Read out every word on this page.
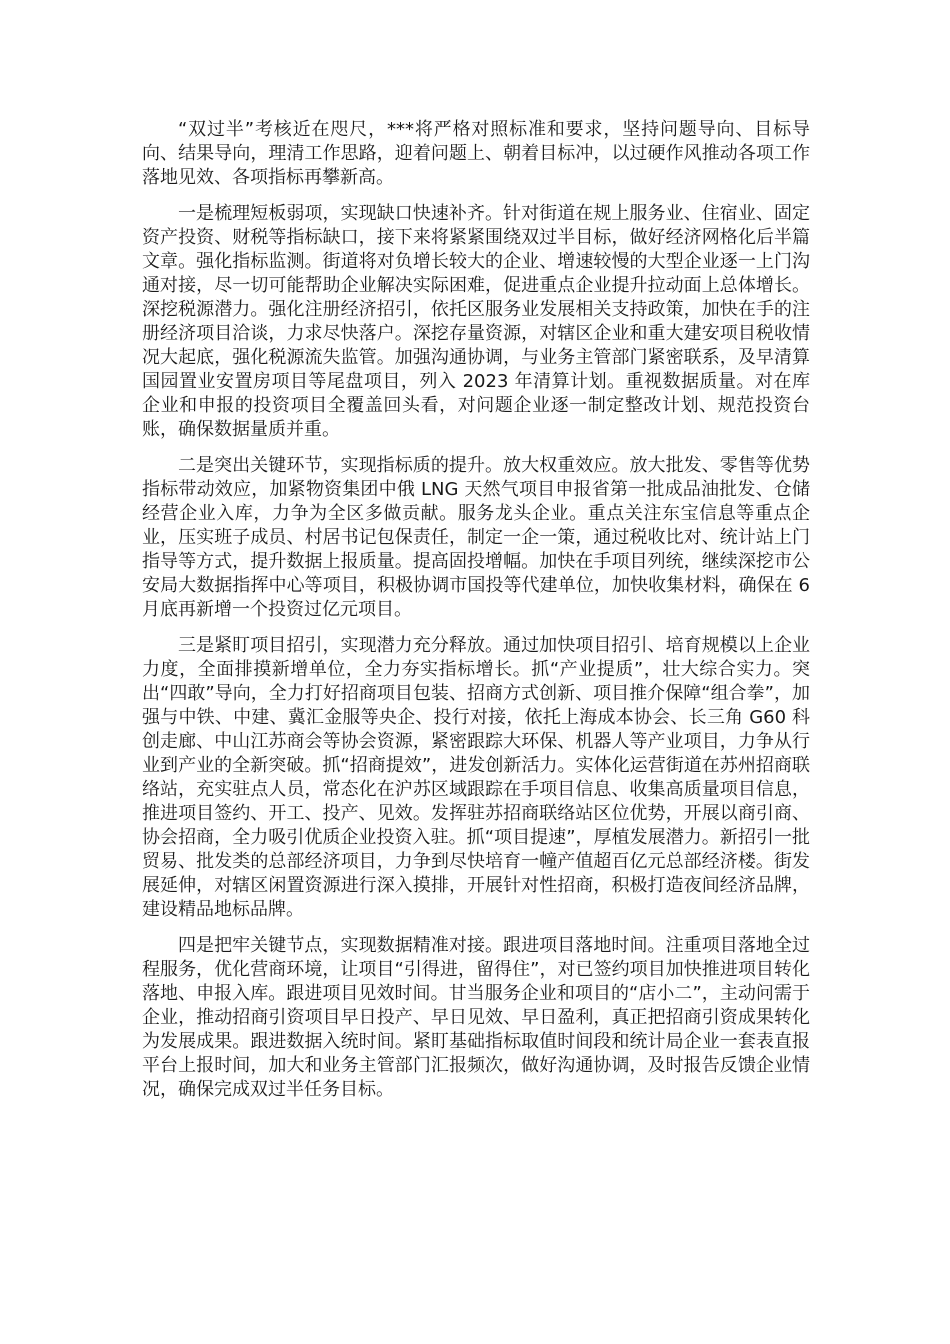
“双过半”考核近在咫尺，***将严格对照标准和要求，坚持问题导向、目标导向、结果导向，理清工作思路，迎着问题上、朝着目标冲，以过硬作风推动各项工作落地见效、各项指标再攀新高。

一是梳理短板弱项，实现缺口快速补齐。针对街道在规上服务业、住宿业、固定资产投资、财税等指标缺口，接下来将紧紧围绕双过半目标，做好经济网格化后半篇文章。强化指标监测。街道将对负增长较大的企业、增速较慢的大型企业逐一上门沟通对接，尽一切可能帮助企业解决实际困难，促进重点企业提升拉动面上总体增长。深挖税源潜力。强化注册经济招引，依托区服务业发展相关支持政策，加快在手的注册经济项目洽谈，力求尽快落户。深挖存量资源，对辖区企业和重大建安项目税收情况大起底，强化税源流失监管。加强沟通协调，与业务主管部门紧密联系，及早清算国园置业安置房项目等尾盘项目，列入 2023 年清算计划。重视数据质量。对在库企业和申报的投资项目全覆盖回头看，对问题企业逐一制定整改计划、规范投资台账，确保数据量质并重。

二是突出关键环节，实现指标质的提升。放大权重效应。放大批发、零售等优势指标带动效应，加紧物资集团中俄 LNG 天然气项目申报省第一批成品油批发、仓储经营企业入库，力争为全区多做贡献。服务龙头企业。重点关注东宝信息等重点企业，压实班子成员、村居书记包保责任，制定一企一策，通过税收比对、统计站上门指导等方式，提升数据上报质量。提高固投增幅。加快在手项目列统，继续深挖市公安局大数据指挥中心等项目，积极协调市国投等代建单位，加快收集材料，确保在 6 月底再新增一个投资过亿元项目。

三是紧盯项目招引，实现潜力充分释放。通过加快项目招引、培育规模以上企业力度，全面排摸新增单位，全力夯实指标增长。抓“产业提质”，壮大综合实力。突出“四敢”导向，全力打好招商项目包装、招商方式创新、项目推介保障“组合拳”，加强与中铁、中建、冀汇金服等央企、投行对接，依托上海成本协会、长三角 G60 科创走廊、中山江苏商会等协会资源，紧密跟踪大环保、机器人等产业项目，力争从行业到产业的全新突破。抓“招商提效”，进发创新活力。实体化运营街道在苏州招商联络站，充实驻点人员，常态化在沪苏区域跟踪在手项目信息、收集高质量项目信息，推进项目签约、开工、投产、见效。发挥驻苏招商联络站区位优势，开展以商引商、协会招商，全力吸引优质企业投资入驻。抓“项目提速”，厚植发展潜力。新招引一批贸易、批发类的总部经济项目，力争到尽快培育一幢产值超百亿元总部经济楼。街发展延伸，对辖区闲置资源进行深入摸排，开展针对性招商，积极打造夜间经济品牌，建设精品地标品牌。

四是把牢关键节点，实现数据精准对接。跟进项目落地时间。注重项目落地全过程服务，优化营商环境，让项目“引得进，留得住”，对已签约项目加快推进项目转化落地、申报入库。跟进项目见效时间。甘当服务企业和项目的“店小二”，主动问需于企业，推动招商引资项目早日投产、早日见效、早日盈利，真正把招商引资成果转化为发展成果。跟进数据入统时间。紧盯基础指标取值时间段和统计局企业一套表直报平台上报时间，加大和业务主管部门汇报频次，做好沟通协调，及时报告反馈企业情况，确保完成双过半任务目标。
